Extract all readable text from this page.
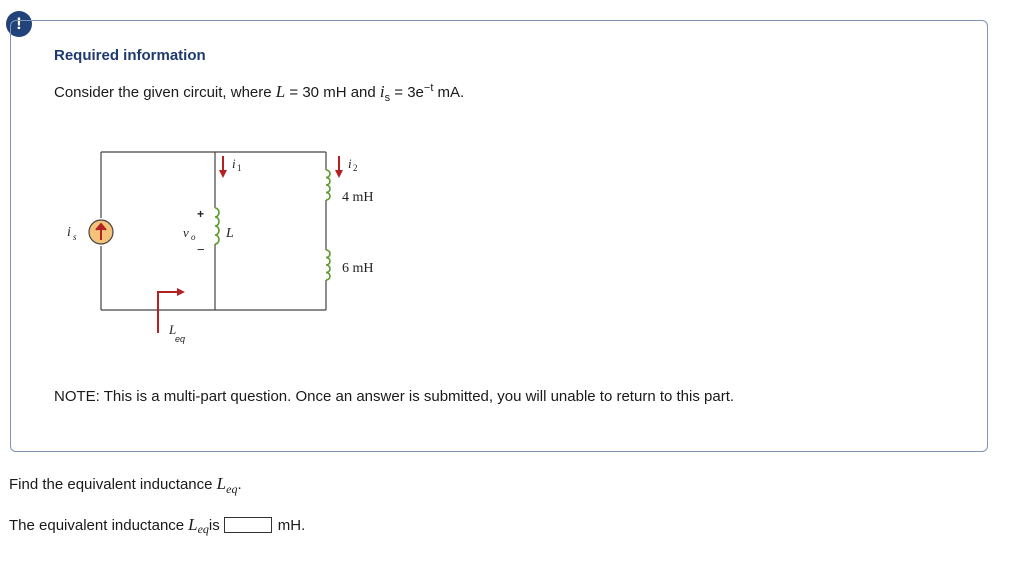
!
Required information
Consider the given circuit, where L = 30 mH and $i_s = 3e^{-t}$ mA.
i s
+
v o
−
L
i 1	i 2
4 mH
6 mH
L
eq
NOTE: This is a multi-part question. Once an answer is submitted, you will unable to return to this part.
Find the equivalent inductance $L_{eq}$.
The equivalent inductance L eq is	mH.
